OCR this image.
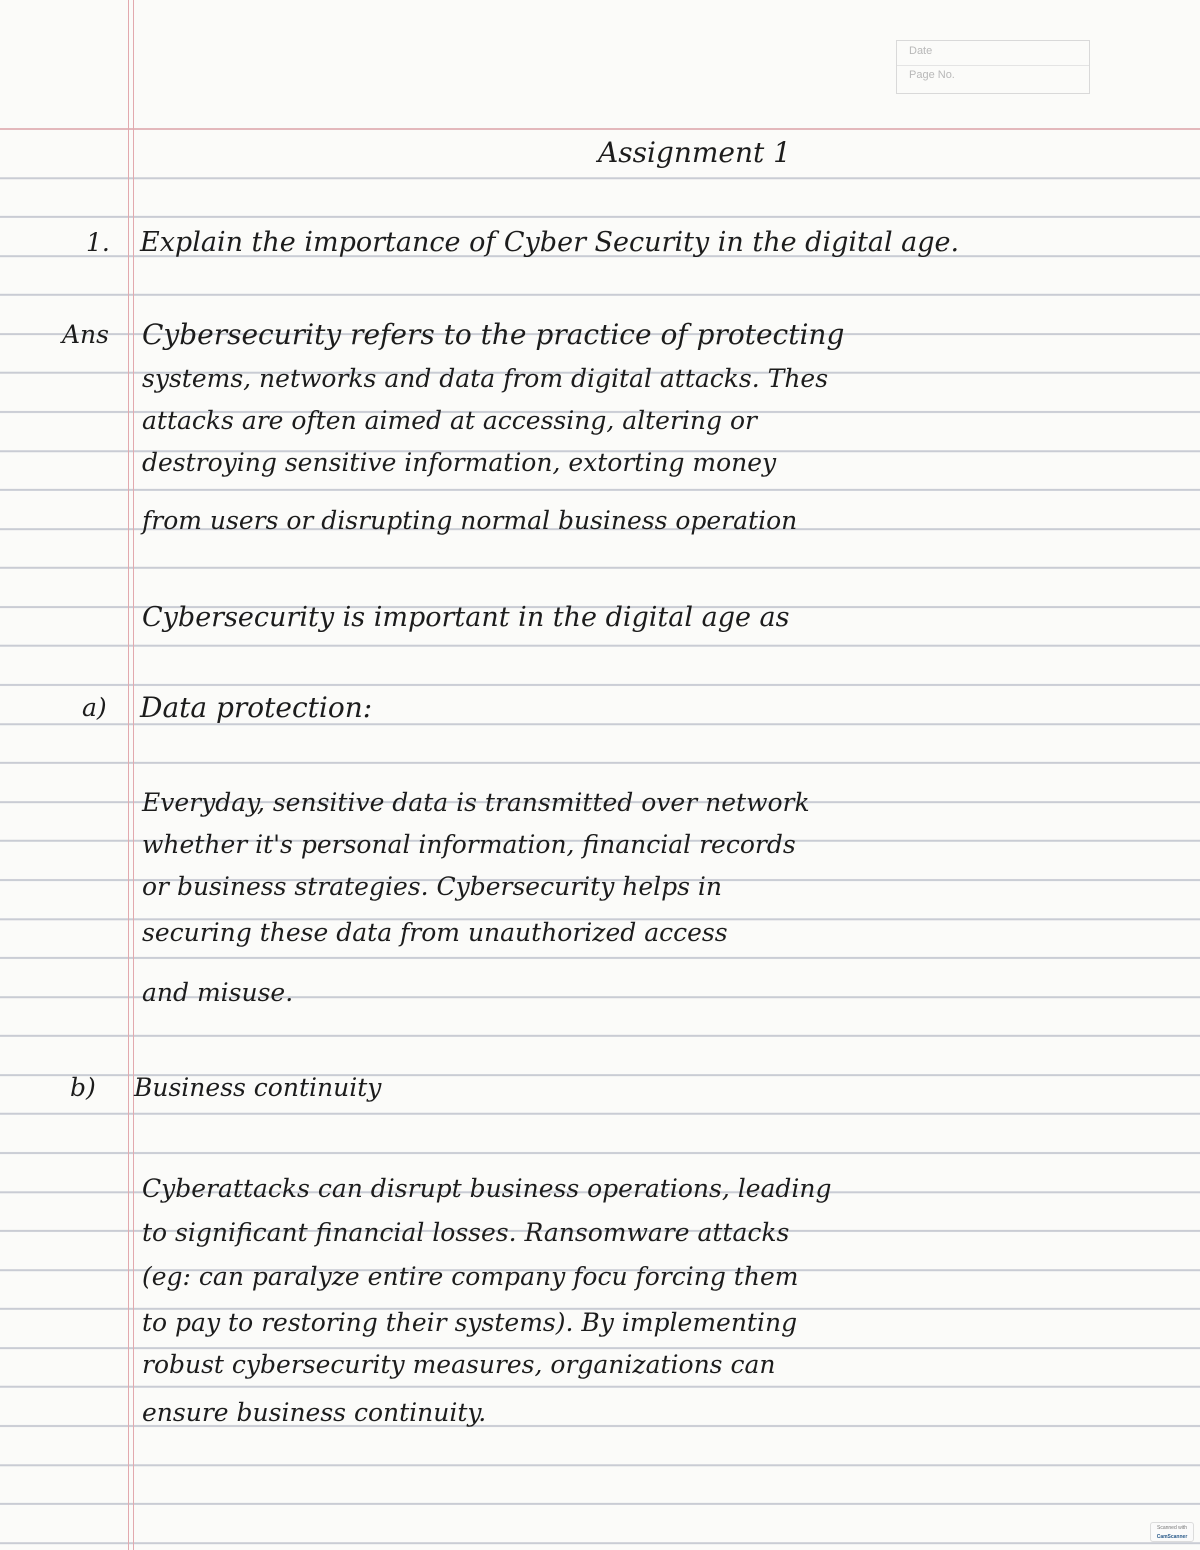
Date
Page No.
Assignment 1
1. Explain the importance of Cyber Security in the digital age.
Ans Cybersecurity refers to the practice of protecting
systems, networks and data from digital attacks. Thes
attacks are often aimed at accessing, altering or
destroying sensitive information, extorting money
from users or disrupting normal business operation
Cybersecurity is important in the digital age as
a) Data protection:
Everyday, sensitive data is transmitted over network
whether it's personal information, financial records
or business strategies. Cybersecurity helps in
securing these data from unauthorized access
and misuse.
b) Business continuity
Cyberattacks can disrupt business operations, leading
to significant financial losses. Ransomware attacks
(eg: can paralyze entire company focu forcing them
to pay to restoring their systems). By implementing
robust cybersecurity measures, organizations can
ensure business continuity.
Scanned with
CamScanner
